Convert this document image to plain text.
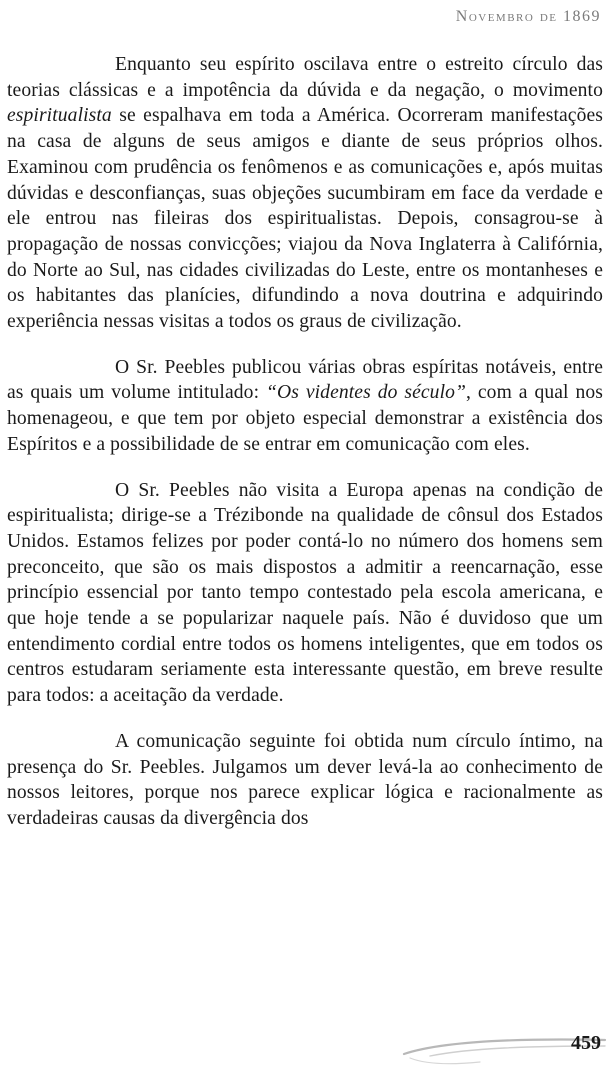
Novembro de 1869

Enquanto seu espírito oscilava entre o estreito círculo das teorias clássicas e a impotência da dúvida e da negação, o movimento espiritualista se espalhava em toda a América. Ocorreram manifestações na casa de alguns de seus amigos e diante de seus próprios olhos. Examinou com prudência os fenômenos e as comunicações e, após muitas dúvidas e desconfianças, suas objeções sucumbiram em face da verdade e ele entrou nas fileiras dos espiritualistas. Depois, consagrou-se à propagação de nossas convicções; viajou da Nova Inglaterra à Califórnia, do Norte ao Sul, nas cidades civilizadas do Leste, entre os montanheses e os habitantes das planícies, difundindo a nova doutrina e adquirindo experiência nessas visitas a todos os graus de civilização.

O Sr. Peebles publicou várias obras espíritas notáveis, entre as quais um volume intitulado: “Os videntes do século”, com a qual nos homenageou, e que tem por objeto especial demonstrar a existência dos Espíritos e a possibilidade de se entrar em comunicação com eles.

O Sr. Peebles não visita a Europa apenas na condição de espiritualista; dirige-se a Trézibonde na qualidade de cônsul dos Estados Unidos. Estamos felizes por poder contá-lo no número dos homens sem preconceito, que são os mais dispostos a admitir a reencarnação, esse princípio essencial por tanto tempo contestado pela escola americana, e que hoje tende a se popularizar naquele país. Não é duvidoso que um entendimento cordial entre todos os homens inteligentes, que em todos os centros estudaram seriamente esta interessante questão, em breve resulte para todos: a aceitação da verdade.

A comunicação seguinte foi obtida num círculo íntimo, na presença do Sr. Peebles. Julgamos um dever levá-la ao conhecimento de nossos leitores, porque nos parece explicar lógica e racionalmente as verdadeiras causas da divergência dos

459
